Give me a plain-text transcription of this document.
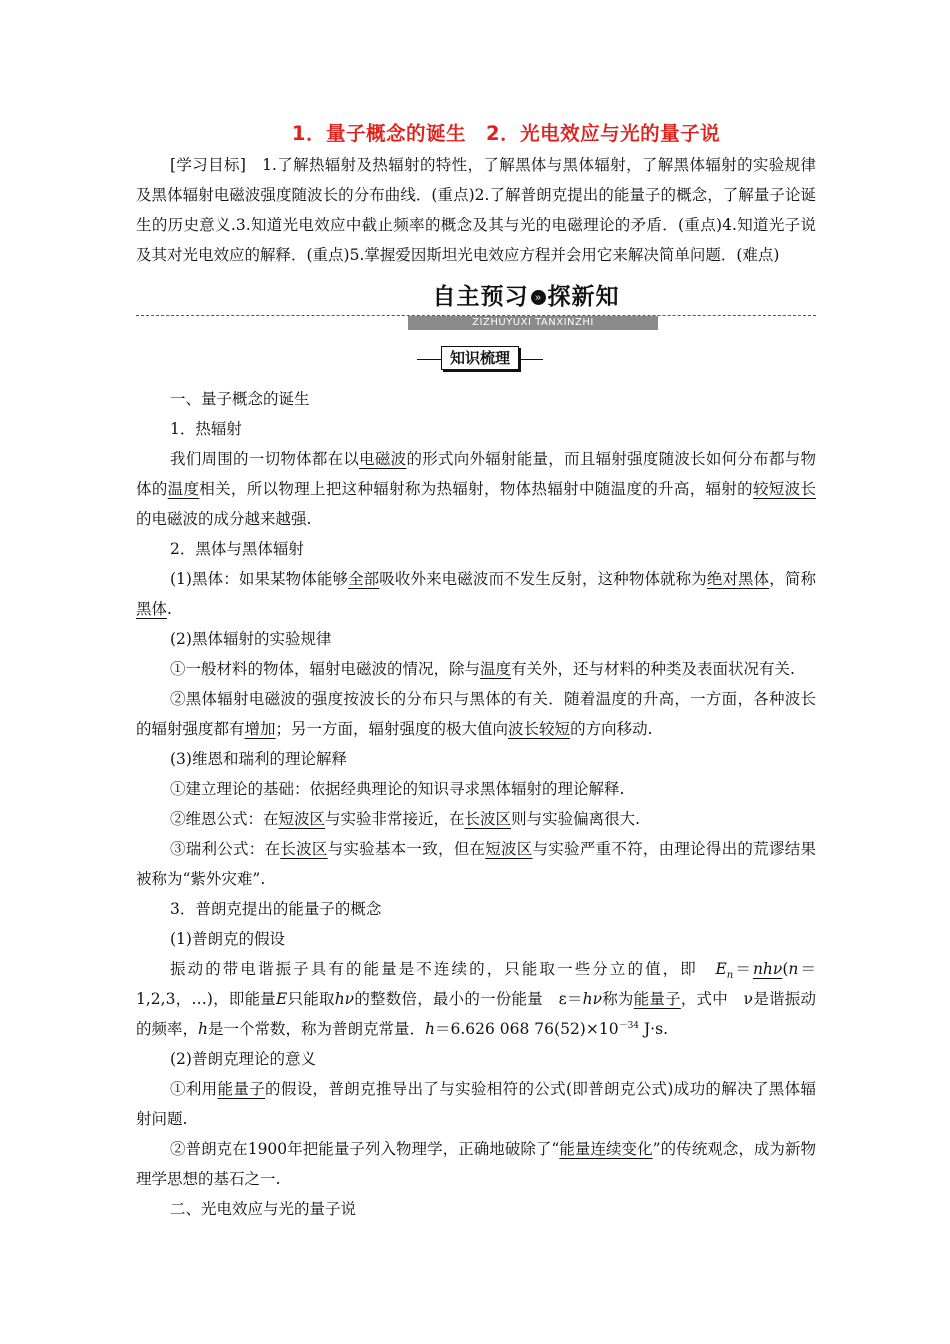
1．量子概念的诞生　 2．光电效应与光的量子说

[学习目标]　1.了解热辐射及热辐射的特性，了解黑体与黑体辐射，了解黑体辐射的实验规律及黑体辐射电磁波强度随波长的分布曲线．(重点)2.了解普朗克提出的能量子的概念，了解量子论诞生的历史意义.3.知道光电效应中截止频率的概念及其与光的电磁理论的矛盾．(重点)4.知道光子说及其对光电效应的解释．(重点)5.掌握爱因斯坦光电效应方程并会用它来解决简单问题．(难点)

自主预习 » 探新知
ZIZHUYUXI TANXINZHI
知识梳理

一、量子概念的诞生

1．热辐射

我们周围的一切物体都在以电磁波的形式向外辐射能量，而且辐射强度随波长如何分布都与物体的温度相关，所以物理上把这种辐射称为热辐射，物体热辐射中随温度的升高，辐射的较短波长的电磁波的成分越来越强.

2．黑体与黑体辐射

(1)黑体：如果某物体能够全部吸收外来电磁波而不发生反射，这种物体就称为绝对黑体，简称黑体.

(2)黑体辐射的实验规律

①一般材料的物体，辐射电磁波的情况，除与温度有关外，还与材料的种类及表面状况有关.

②黑体辐射电磁波的强度按波长的分布只与黑体的有关．随着温度的升高，一方面，各种波长的辐射强度都有增加；另一方面，辐射强度的极大值向波长较短的方向移动.

(3)维恩和瑞利的理论解释

①建立理论的基础：依据经典理论的知识寻求黑体辐射的理论解释.

②维恩公式：在短波区与实验非常接近，在长波区则与实验偏离很大.

③瑞利公式：在长波区与实验基本一致，但在短波区与实验严重不符，由理论得出的荒谬结果被称为“紫外灾难”.

3．普朗克提出的能量子的概念

(1)普朗克的假设

振动的带电谐振子具有的能量是不连续的，只能取一些分立的值，即　$E_n=nh\nu(n=1,2,3$，…)，即能量E只能取hν的整数倍，最小的一份能量　ε＝hν称为能量子，式中　ν是谐振动的频率，h是一个常数，称为普朗克常量．h＝6.626 068 $76(52)\times 10^{-34}$ J·s.

(2)普朗克理论的意义

①利用能量子的假设，普朗克推导出了与实验相符的公式(即普朗克公式)成功的解决了黑体辐射问题.

②普朗克在1900年把能量子列入物理学，正确地破除了“能量连续变化”的传统观念，成为新物理学思想的基石之一.

二、光电效应与光的量子说
